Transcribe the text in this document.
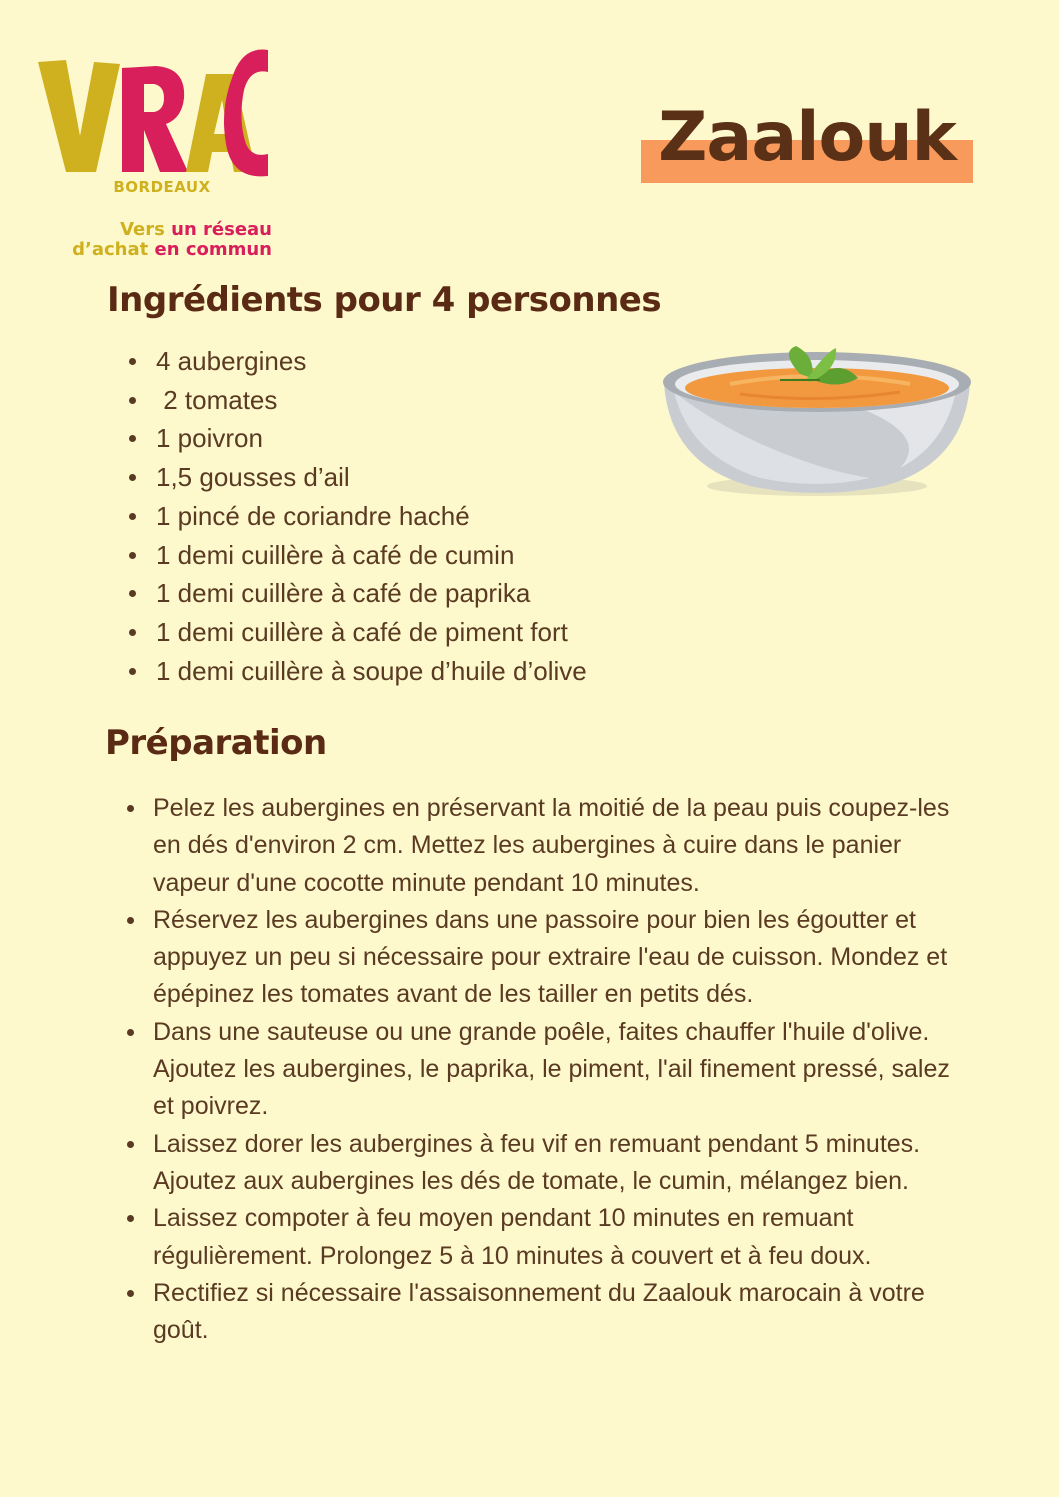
BORDEAUX
Vers un réseau
d’achat en commun
Zaalouk
Ingrédients pour 4 personnes
4 aubergines
2 tomates
1 poivron
1,5 gousses d’ail
1 pincé de coriandre haché
1 demi cuillère à café de cumin
1 demi cuillère à café de paprika
1 demi cuillère à café de piment fort
1 demi cuillère à soupe d’huile d’olive
Préparation
Pelez les aubergines en préservant la moitié de la peau puis coupez-les en dés d'environ 2 cm. Mettez les aubergines à cuire dans le panier vapeur d'une cocotte minute pendant 10 minutes.
Réservez les aubergines dans une passoire pour bien les égoutter et appuyez un peu si nécessaire pour extraire l'eau de cuisson. Mondez et épépinez les tomates avant de les tailler en petits dés.
Dans une sauteuse ou une grande poêle, faites chauffer l'huile d'olive. Ajoutez les aubergines, le paprika, le piment, l'ail finement pressé, salez et poivrez.
Laissez dorer les aubergines à feu vif en remuant pendant 5 minutes. Ajoutez aux aubergines les dés de tomate, le cumin, mélangez bien.
Laissez compoter à feu moyen pendant 10 minutes en remuant régulièrement. Prolongez 5 à 10 minutes à couvert et à feu doux.
Rectifiez si nécessaire l'assaisonnement du Zaalouk marocain à votre goût.
